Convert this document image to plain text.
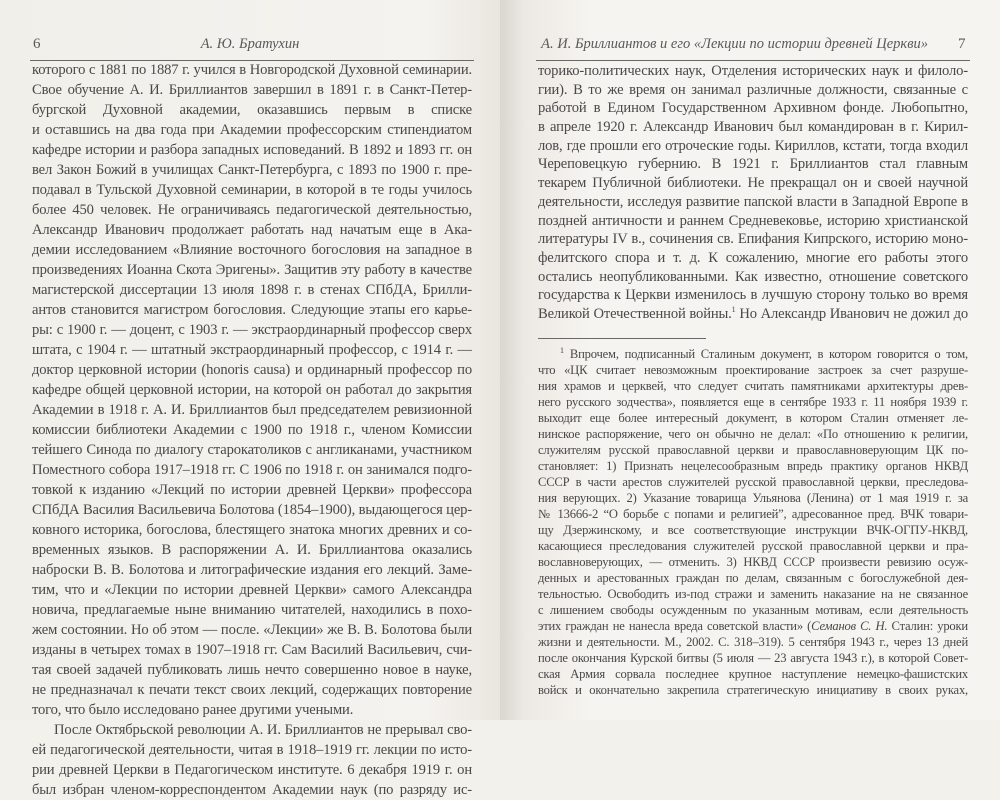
6	А. Ю. Братухин
которого с 1881 по 1887 г. учился в Новгородской Духовной семинарии.
Свое обучение А. И. Бриллиантов завершил в 1891 г. в Санкт-Петер-
бургской Духовной академии, оказавшись первым в списке
и оставшись на два года при Академии профессорским стипендиатом
кафедре истории и разбора западных исповеданий. В 1892 и 1893 гг. он
вел Закон Божий в училищах Санкт-Петербурга, с 1893 по 1900 г. пре-
подавал в Тульской Духовной семинарии, в которой в те годы училось
более 450 человек. Не ограничиваясь педагогической деятельностью,
Александр Иванович продолжает работать над начатым еще в Ака-
демии исследованием «Влияние восточного богословия на западное в
произведениях Иоанна Скота Эригены». Защитив эту работу в качестве
магистерской диссертации 13 июля 1898 г. в стенах СПбДА, Брилли-
антов становится магистром богословия. Следующие этапы его карье-
ры: с 1900 г. — доцент, с 1903 г. — экстраординарный профессор сверх
штата, с 1904 г. — штатный экстраординарный профессор, с 1914 г. —
доктор церковной истории (honoris causa) и ординарный профессор по
кафедре общей церковной истории, на которой он работал до закрытия
Академии в 1918 г. А. И. Бриллиантов был председателем ревизионной
комиссии библиотеки Академии с 1900 по 1918 г., членом Комиссии
тейшего Синода по диалогу старокатоликов с англиканами, участником
Поместного собора 1917–1918 гг. С 1906 по 1918 г. он занимался подго-
товкой к изданию «Лекций по истории древней Церкви» профессора
СПбДА Василия Васильевича Болотова (1854–1900), выдающегося цер-
ковного историка, богослова, блестящего знатока многих древних и со-
временных языков. В распоряжении А. И. Бриллиантова оказались
наброски В. В. Болотова и литографические издания его лекций. Заме-
тим, что и «Лекции по истории древней Церкви» самого Александра
новича, предлагаемые ныне вниманию читателей, находились в похо-
жем состоянии. Но об этом — после. «Лекции» же В. В. Болотова были
изданы в четырех томах в 1907–1918 гг. Сам Василий Васильевич, счи-
тая своей задачей публиковать лишь нечто совершенно новое в науке,
не предназначал к печати текст своих лекций, содержащих повторение
того, что было исследовано ранее другими учеными.
После Октябрьской революции А. И. Бриллиантов не прерывал сво-
ей педагогической деятельности, читая в 1918–1919 гг. лекции по исто-
рии древней Церкви в Педагогическом институте. 6 декабря 1919 г. он
был избран членом-корреспондентом Академии наук (по разряду ис-
А. И. Бриллиантов и его «Лекции по истории древней Церкви» 7
торико-политических наук, Отделения исторических наук и филоло-
гии). В то же время он занимал различные должности, связанные с
работой в Едином Государственном Архивном фонде. Любопытно,
в апреле 1920 г. Александр Иванович был командирован в г. Кирил-
лов, где прошли его отроческие годы. Кириллов, кстати, тогда входил
Череповецкую губернию. В 1921 г. Бриллиантов стал главным
текарем Публичной библиотеки. Не прекращал он и своей научной
деятельности, исследуя развитие папской власти в Западной Европе в
поздней античности и раннем Средневековье, историю христианской
литературы IV в., сочинения св. Епифания Кипрского, историю моно-
фелитского спора и т. д. К сожалению, многие его работы этого
остались неопубликованными. Как известно, отношение советского
государства к Церкви изменилось в лучшую сторону только во время
Великой Отечественной войны.$^1$ Но Александр Иванович не дожил до
$^1$  Впрочем, подписанный Сталиным документ, в котором говорится о том,
что «ЦК считает невозможным проектирование застроек за счет разруше-
ния храмов и церквей, что следует считать памятниками архитектуры древ-
него русского зодчества», появляется еще в сентябре 1933 г. 11 ноября 1939 г.
выходит еще более интересный документ, в котором Сталин отменяет ле-
нинское распоряжение, чего он обычно не делал: «По отношению к религии,
служителям русской православной церкви и православноверующим ЦК по-
становляет: 1) Признать нецелесообразным впредь практику органов НКВД
СССР в части арестов служителей русской православной церкви, преследова-
ния верующих. 2) Указание товарища Ульянова (Ленина) от 1 мая 1919 г. за
№ 13666-2 “О борьбе с попами и религией”, адресованное пред. ВЧК товари-
щу Дзержинскому, и все соответствующие инструкции ВЧК-ОГПУ-НКВД,
касающиеся преследования служителей русской православной церкви и пра-
вославноверующих, — отменить. 3) НКВД СССР произвести ревизию осуж-
денных и арестованных граждан по делам, связанным с богослужебной дея-
тельностью. Освободить из-под стражи и заменить наказание на не связанное
с лишением свободы осужденным по указанным мотивам, если деятельность
этих граждан не нанесла вреда советской власти» (Семанов С. Н. Сталин: уроки
жизни и деятельности. М., 2002. С. 318–319). 5 сентября 1943 г., через 13 дней
после окончания Курской битвы (5 июля — 23 августа 1943 г.), в которой Совет-
ская Армия сорвала последнее крупное наступление немецко-фашистских
войск и окончательно закрепила стратегическую инициативу в своих руках,
